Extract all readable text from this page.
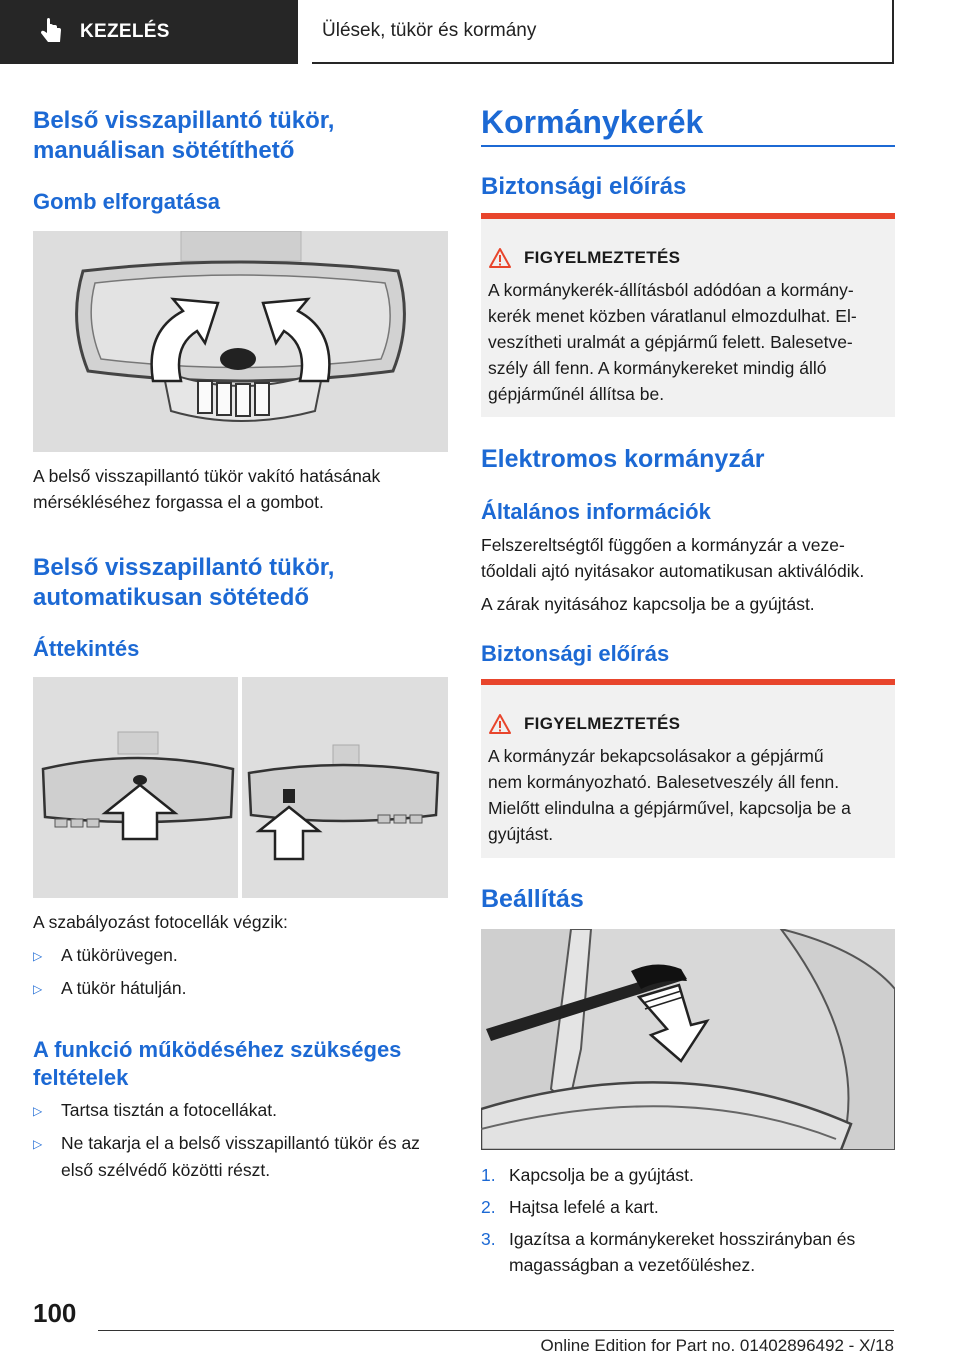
KEZELÉS	Ülések, tükör és kormány
Belső visszapillantó tükör,
manuálisan sötétíthető
Gomb elforgatása
A belső visszapillantó tükör vakító hatásának
mérsékléséhez forgassa el a gombot.
Belső visszapillantó tükör,
automatikusan sötétedő
Áttekintés
A szabályozást fotocellák végzik:
▷	A tükörüvegen.
▷	A tükör hátulján.
A funkció működéséhez szükséges
feltételek
▷	Tartsa tisztán a fotocellákat.
▷	Ne takarja el a belső visszapillantó tükör és az
első szélvédő közötti részt.
Kormánykerék
Biztonsági előírás
FIGYELMEZTETÉS
A kormánykerék-állításból adódóan a kormány-
kerék menet közben váratlanul elmozdulhat. El-
veszítheti uralmát a gépjármű felett. Balesetve-
szély áll fenn. A kormánykereket mindig álló
gépjárműnél állítsa be.
Elektromos kormányzár
Általános információk
Felszereltségtől függően a kormányzár a veze-
tőoldali ajtó nyitásakor automatikusan aktiválódik.
A zárak nyitásához kapcsolja be a gyújtást.
Biztonsági előírás
FIGYELMEZTETÉS
A kormányzár bekapcsolásakor a gépjármű
nem kormányozható. Balesetveszély áll fenn.
Mielőtt elindulna a gépjárművel, kapcsolja be a
gyújtást.
Beállítás
1. Kapcsolja be a gyújtást.
2. Hajtsa lefelé a kart.
3. Igazítsa a kormánykereket hosszirányban és
magasságban a vezetőüléshez.
100
Online Edition for Part no. 01402896492 - X/18
